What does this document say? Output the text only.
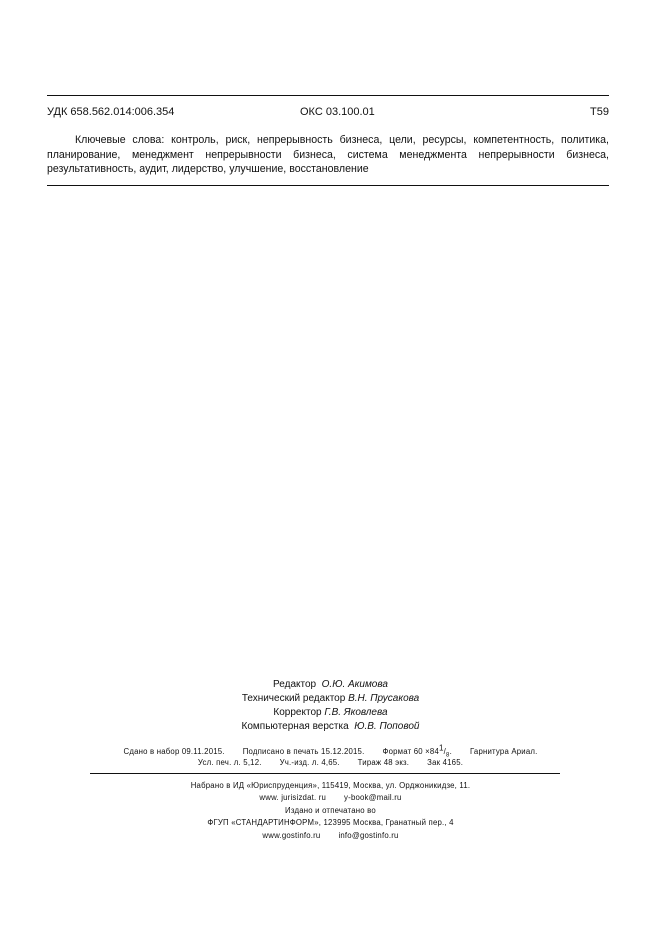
УДК 658.562.014:006.354	ОКС 03.100.01	Т59
Ключевые слова: контроль, риск, непрерывность бизнеса, цели, ресурсы, компетентность, политика, планирование, менеджмент непрерывности бизнеса, система менеджмента непрерывности бизнеса, результативность, аудит, лидерство, улучшение, восстановление
Редактор О.Ю. Акимова
Технический редактор В.Н. Прусакова
Корректор Г.В. Яковлева
Компьютерная верстка Ю.В. Поповой
Сдано в набор 09.11.2015. Подписано в печать 15.12.2015. Формат $60 \times 84^1/_8$. Гарнитура Ариал.
Усл. печ. л. 5,12. Уч.-изд. л. 4,65. Тираж 48 экз. Зак 4165.
Набрано в ИД «Юриспруденция», 115419, Москва, ул. Орджоникидзе, 11.
www. jurisizdat. ru y-book@mail.ru
Издано и отпечатано во
ФГУП «СТАНДАРТИНФОРМ», 123995 Москва, Гранатный пер., 4
www.gostinfo.ru info@gostinfo.ru
